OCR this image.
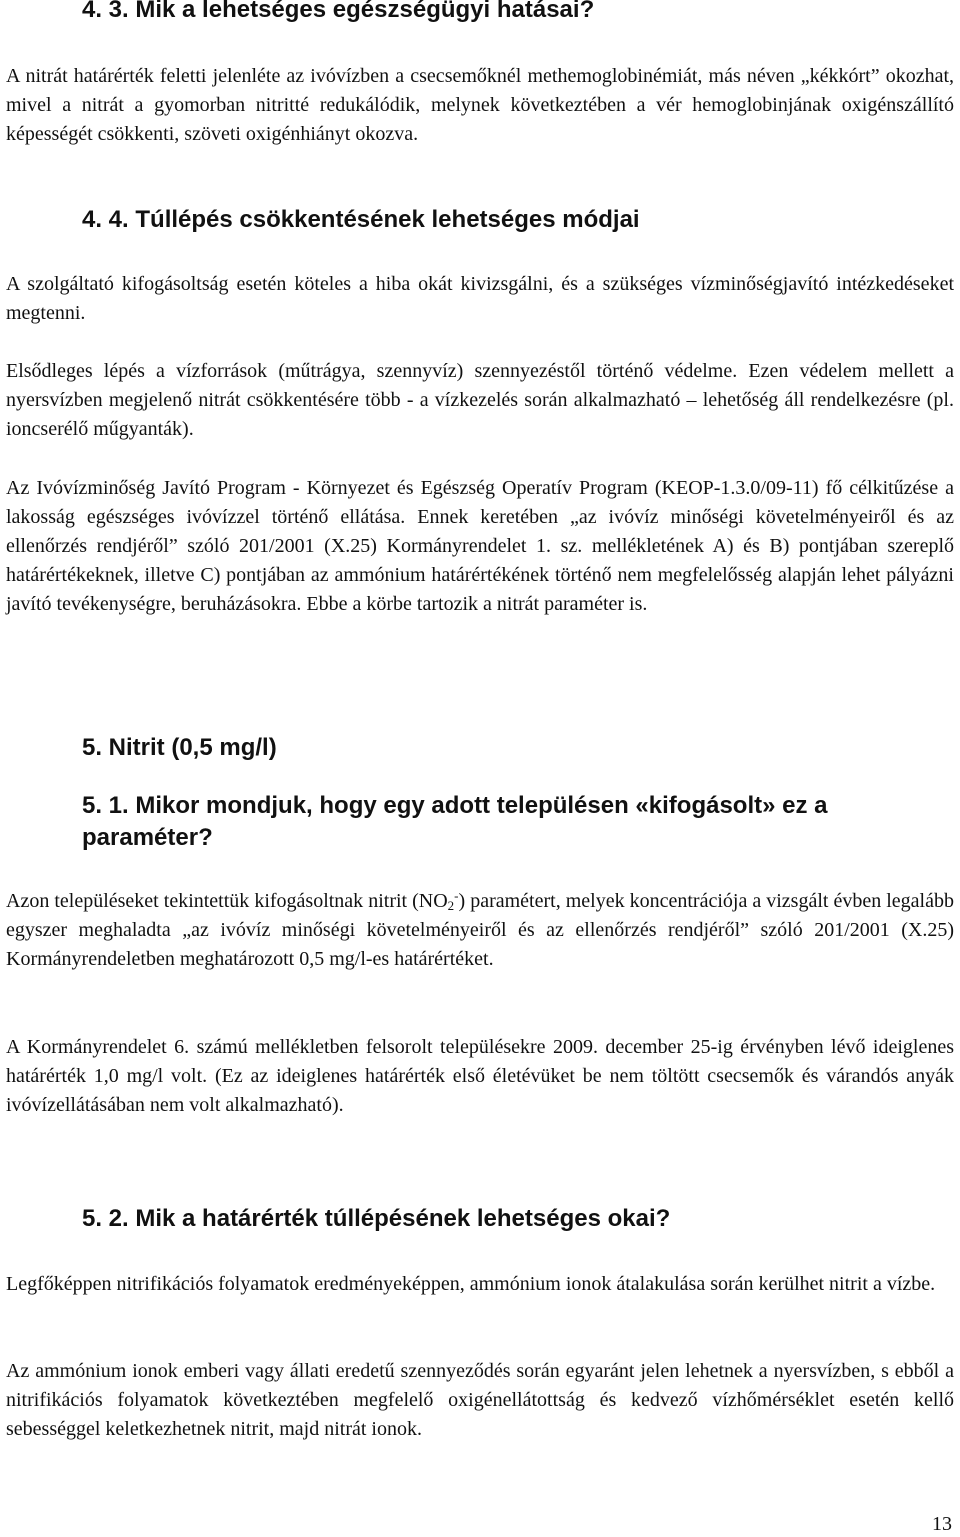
4. 3. Mik a lehetséges egészségügyi hatásai?

A nitrát határérték feletti jelenléte az ivóvízben a csecsemőknél methemoglobinémiát, más néven „kékkórt” okozhat, mivel a nitrát a gyomorban nitritté redukálódik, melynek következtében a vér hemoglobinjának oxigénszállító képességét csökkenti, szöveti oxigénhiányt okozva.

4. 4. Túllépés csökkentésének lehetséges módjai

A szolgáltató kifogásoltság esetén köteles a hiba okát kivizsgálni, és a szükséges vízminőségjavító intézkedéseket megtenni.

Elsődleges lépés a vízforrások (műtrágya, szennyvíz) szennyezéstől történő védelme. Ezen védelem mellett a nyersvízben megjelenő nitrát csökkentésére több - a vízkezelés során alkalmazható – lehetőség áll rendelkezésre (pl. ioncserélő műgyanták).

Az Ivóvízminőség Javító Program - Környezet és Egészség Operatív Program (KEOP-1.3.0/09-11) fő célkitűzése a lakosság egészséges ivóvízzel történő ellátása. Ennek keretében „az ivóvíz minőségi követelményeiről és az ellenőrzés rendjéről” szóló 201/2001 (X.25) Kormányrendelet 1. sz. mellékletének A) és B) pontjában szereplő határértékeknek, illetve C) pontjában az ammónium határértékének történő nem megfelelősség alapján lehet pályázni javító tevékenységre, beruházásokra. Ebbe a körbe tartozik a nitrát paraméter is.

5. Nitrit (0,5 mg/l)
5. 1. Mikor mondjuk, hogy egy adott településen «kifogásolt» ez a paraméter?

Azon településeket tekintettük kifogásoltnak nitrit $(NO_2^-)$ paramétert, melyek koncentrációja a vizsgált évben legalább egyszer meghaladta „az ivóvíz minőségi követelményeiről és az ellenőrzés rendjéről” szóló 201/2001 (X.25) Kormányrendeletben meghatározott 0,5 mg/l-es határértéket.

A Kormányrendelet 6. számú mellékletben felsorolt településekre 2009. december 25-ig érvényben lévő ideiglenes határérték 1,0 mg/l volt. (Ez az ideiglenes határérték első életévüket be nem töltött csecsemők és várandós anyák ivóvízellátásában nem volt alkalmazható).

5. 2. Mik a határérték túllépésének lehetséges okai?

Legfőképpen nitrifikációs folyamatok eredményeképpen, ammónium ionok átalakulása során kerülhet nitrit a vízbe.

Az ammónium ionok emberi vagy állati eredetű szennyeződés során egyaránt jelen lehetnek a nyersvízben, s ebből a nitrifikációs folyamatok következtében megfelelő oxigénellátottság és kedvező vízhőmérséklet esetén kellő sebességgel keletkezhetnek nitrit, majd nitrát ionok.

13
